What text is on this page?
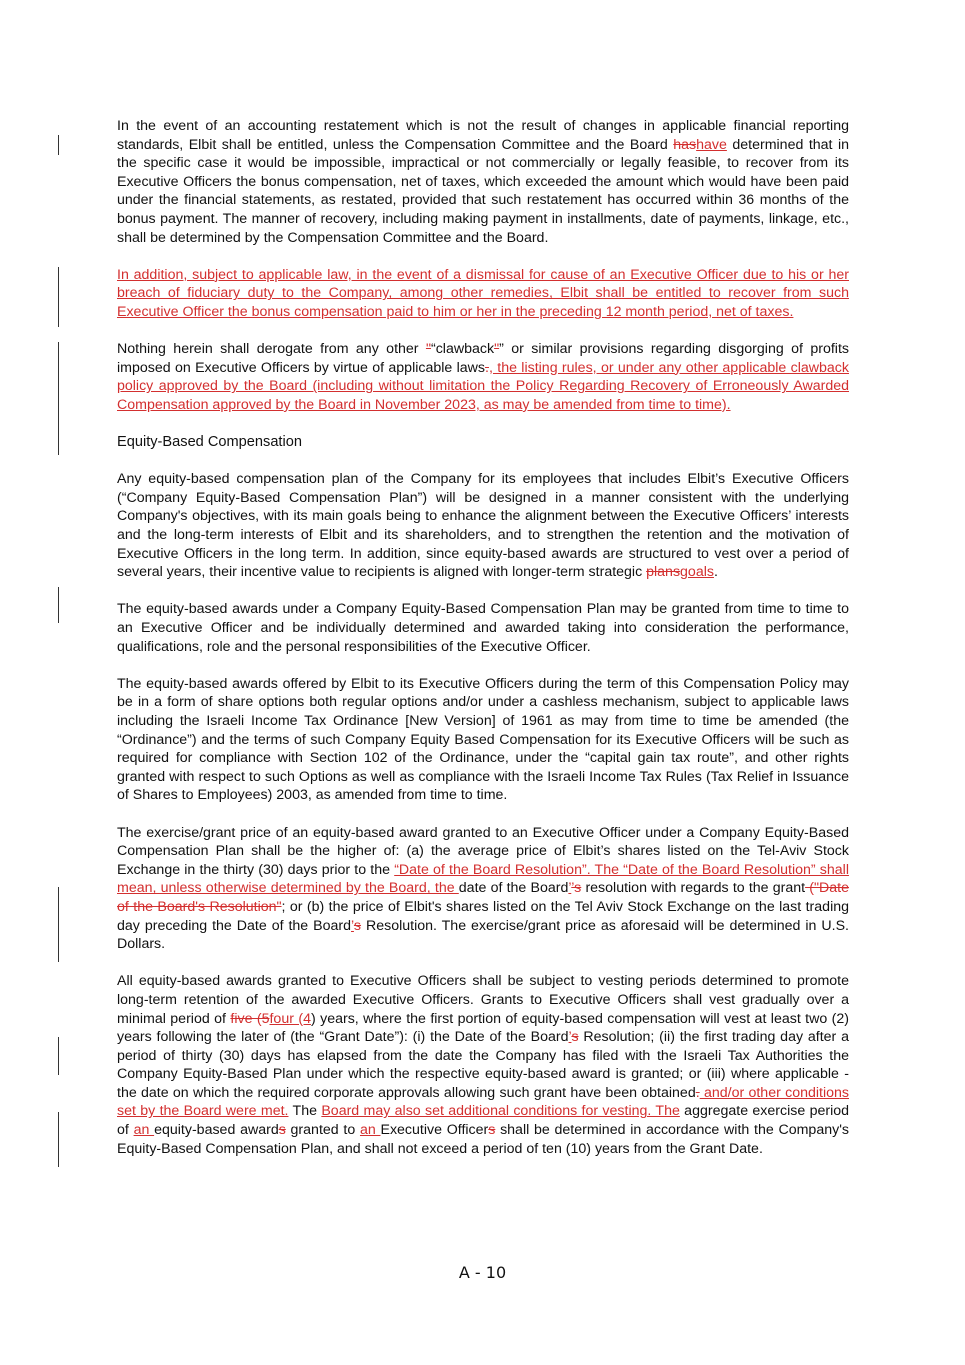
In the event of an accounting restatement which is not the result of changes in applicable financial reporting standards, Elbit shall be entitled, unless the Compensation Committee and the Board hashave determined that in the specific case it would be impossible, impractical or not commercially or legally feasible, to recover from its Executive Officers the bonus compensation, net of taxes, which exceeded the amount which would have been paid under the financial statements, as restated, provided that such restatement has occurred within 36 months of the bonus payment. The manner of recovery, including making payment in installments, date of payments, linkage, etc., shall be determined by the Compensation Committee and the Board.

In addition, subject to applicable law, in the event of a dismissal for cause of an Executive Officer due to his or her breach of fiduciary duty to the Company, among other remedies, Elbit shall be entitled to recover from such Executive Officer the bonus compensation paid to him or her in the preceding 12 month period, net of taxes.

Nothing herein shall derogate from any other "“clawback"” or similar provisions regarding disgorging of profits imposed on Executive Officers by virtue of applicable laws., the listing rules, or under any other applicable clawback policy approved by the Board (including without limitation the Policy Regarding Recovery of Erroneously Awarded Compensation approved by the Board in November 2023, as may be amended from time to time).

Equity-Based Compensation

Any equity-based compensation plan of the Company for its employees that includes Elbit’s Executive Officers (“Company Equity-Based Compensation Plan”) will be designed in a manner consistent with the underlying Company's objectives, with its main goals being to enhance the alignment between the Executive Officers’ interests and the long-term interests of Elbit and its shareholders, and to strengthen the retention and the motivation of Executive Officers in the long term. In addition, since equity-based awards are structured to vest over a period of several years, their incentive value to recipients is aligned with longer-term strategic plansgoals.

The equity-based awards under a Company Equity-Based Compensation Plan may be granted from time to time to an Executive Officer and be individually determined and awarded taking into consideration the performance, qualifications, role and the personal responsibilities of the Executive Officer.

The equity-based awards offered by Elbit to its Executive Officers during the term of this Compensation Policy may be in a form of share options both regular options and/or under a cashless mechanism, subject to applicable laws including the Israeli Income Tax Ordinance [New Version] of 1961 as may from time to time be amended (the “Ordinance”) and the terms of such Company Equity Based Compensation for its Executive Officers will be such as required for compliance with Section 102 of the Ordinance, under the “capital gain tax route”, and other rights granted with respect to such Options as well as compliance with the Israeli Income Tax Rules (Tax Relief in Issuance of Shares to Employees) 2003, as amended from time to time.

The exercise/grant price of an equity-based award granted to an Executive Officer under a Company Equity-Based Compensation Plan shall be the higher of: (a) the average price of Elbit’s shares listed on the Tel-Aviv Stock Exchange in the thirty (30) days prior to the “Date of the Board Resolution”. The “Date of the Board Resolution” shall mean, unless otherwise determined by the Board, the date of the Board’’s resolution with regards to the grant ("Date of the Board's Resolution"; or (b) the price of Elbit's shares listed on the Tel Aviv Stock Exchange on the last trading day preceding the Date of the Board’s Resolution. The exercise/grant price as aforesaid will be determined in U.S. Dollars.

All equity-based awards granted to Executive Officers shall be subject to vesting periods determined to promote long-term retention of the awarded Executive Officers. Grants to Executive Officers shall vest gradually over a minimal period of five (5four (4) years, where the first portion of equity-based compensation will vest at least two (2) years following the later of (the “Grant Date”): (i) the Date of the Board’s Resolution; (ii) the first trading day after a period of thirty (30) days has elapsed from the date the Company has filed with the Israeli Tax Authorities the Company Equity-Based Plan under which the respective equity-based award is granted; or (iii) where applicable - the date on which the required corporate approvals allowing such grant have been obtained. and/or other conditions set by the Board were met. The Board may also set additional conditions for vesting. The aggregate exercise period of an equity-based awards granted to an Executive Officers shall be determined in accordance with the Company's Equity-Based Compensation Plan, and shall not exceed a period of ten (10) years from the Grant Date.

A - 10
